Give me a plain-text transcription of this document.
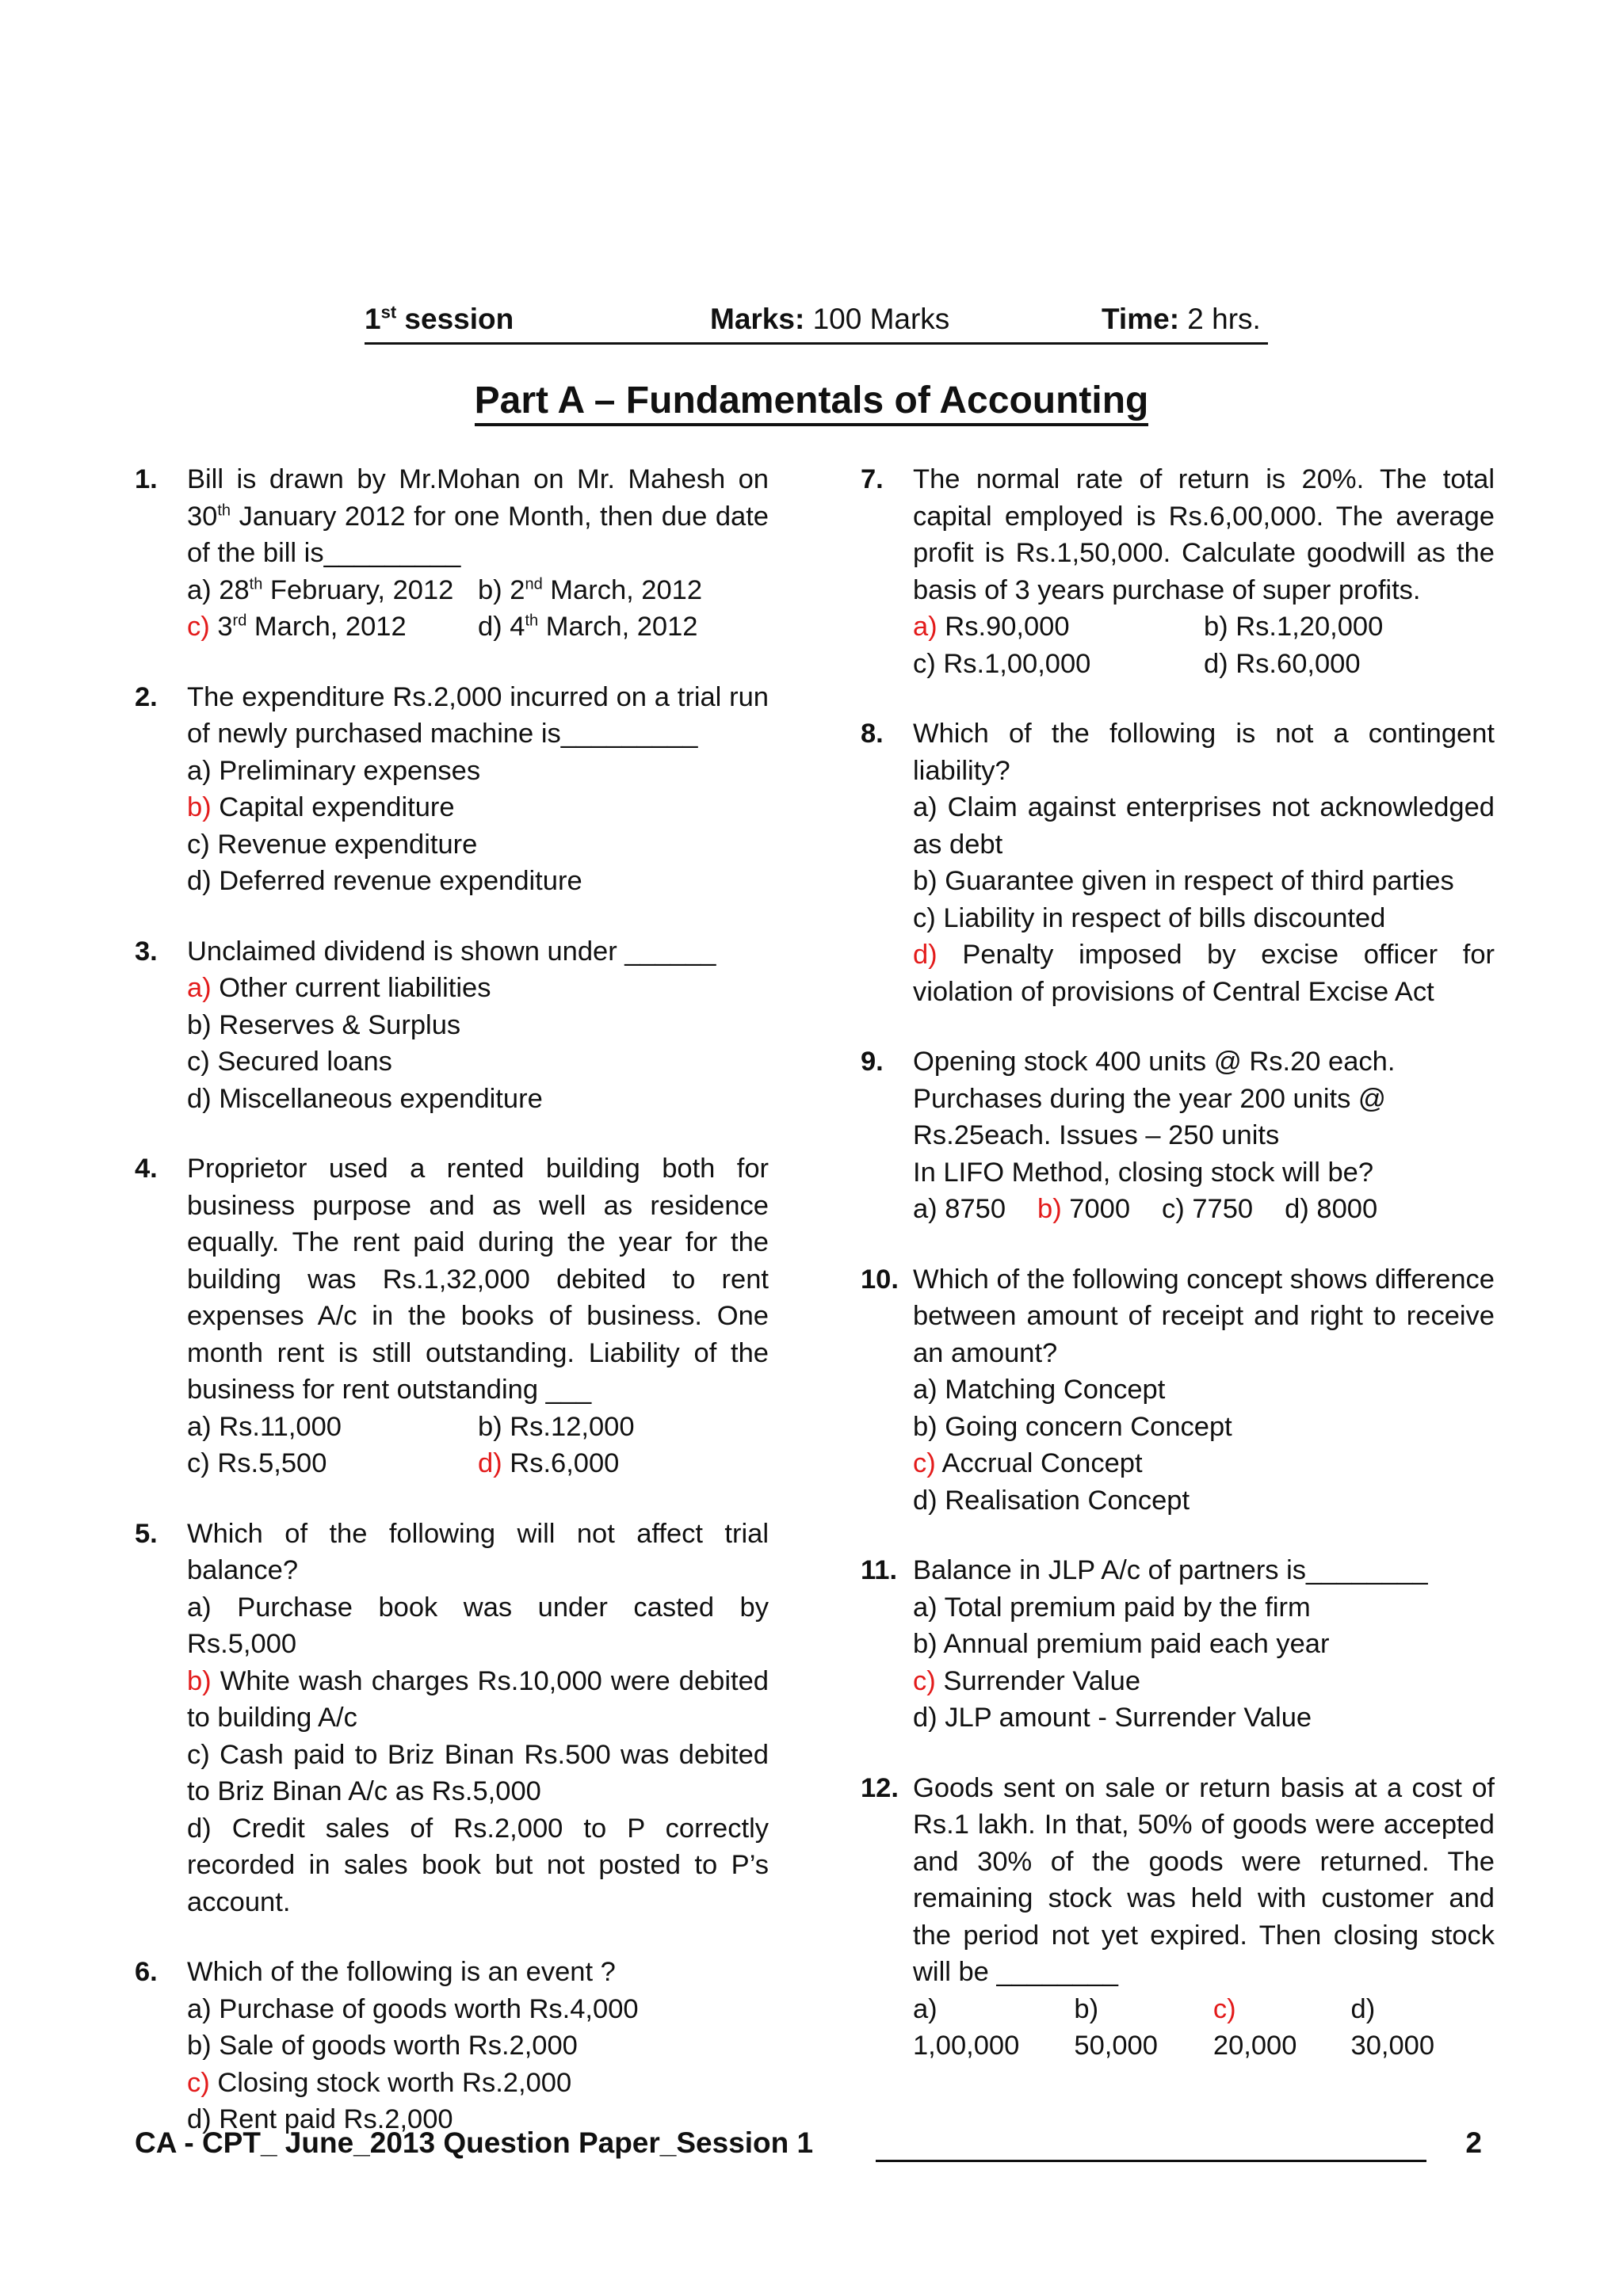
1st session	Marks: 100 Marks	Time: 2 hrs.
Part A – Fundamentals of Accounting
1. Bill is drawn by Mr.Mohan on Mr. Mahesh on 30th January 2012 for one Month, then due date of the bill is_________
a) 28th February, 2012 b) 2nd March, 2012
c) 3rd March, 2012	d) 4th March, 2012
2. The expenditure Rs.2,000 incurred on a trial run of newly purchased machine is_________
a) Preliminary expenses
b) Capital expenditure
c) Revenue expenditure
d) Deferred revenue expenditure
3. Unclaimed dividend is shown under ______
a) Other current liabilities
b) Reserves & Surplus
c) Secured loans
d) Miscellaneous expenditure
4. Proprietor used a rented building both for business purpose and as well as residence equally. The rent paid during the year for the building was Rs.1,32,000 debited to rent expenses A/c in the books of business. One month rent is still outstanding. Liability of the business for rent outstanding ___
a) Rs.11,000	b) Rs.12,000
c) Rs.5,500	d) Rs.6,000
5. Which of the following will not affect trial balance?
a) Purchase book was under casted by Rs.5,000
b) White wash charges Rs.10,000 were debited to building A/c
c) Cash paid to Briz Binan Rs.500 was debited to Briz Binan A/c as Rs.5,000
d) Credit sales of Rs.2,000 to P correctly recorded in sales book but not posted to P’s account.
6. Which of the following is an event ?
a) Purchase of goods worth Rs.4,000
b) Sale of goods worth Rs.2,000
c) Closing stock worth Rs.2,000
d) Rent paid Rs.2,000
7. The normal rate of return is 20%. The total capital employed is Rs.6,00,000. The average profit is Rs.1,50,000. Calculate goodwill as the basis of 3 years purchase of super profits.
a) Rs.90,000	b) Rs.1,20,000
c) Rs.1,00,000	d) Rs.60,000
8. Which of the following is not a contingent liability?
a) Claim against enterprises not acknowledged as debt
b) Guarantee given in respect of third parties
c) Liability in respect of bills discounted
d) Penalty imposed by excise officer for violation of provisions of Central Excise Act
9. Opening stock 400 units @ Rs.20 each.
Purchases during the year 200 units @
Rs.25each. Issues – 250 units
In LIFO Method, closing stock will be?
a) 8750 b) 7000 c) 7750 d) 8000
10. Which of the following concept shows difference between amount of receipt and right to receive an amount?
a) Matching Concept
b) Going concern Concept
c) Accrual Concept
d) Realisation Concept
11. Balance in JLP A/c of partners is________
a) Total premium paid by the firm
b) Annual premium paid each year
c) Surrender Value
d) JLP amount - Surrender Value
12. Goods sent on sale or return basis at a cost of Rs.1 lakh. In that, 50% of goods were accepted and 30% of the goods were returned. The remaining stock was held with customer and the period not yet expired. Then closing stock will be ________
a) 1,00,000
b) 50,000
c) 20,000
d) 30,000
CA - CPT_ June_2013 Question Paper_Session 1	2
